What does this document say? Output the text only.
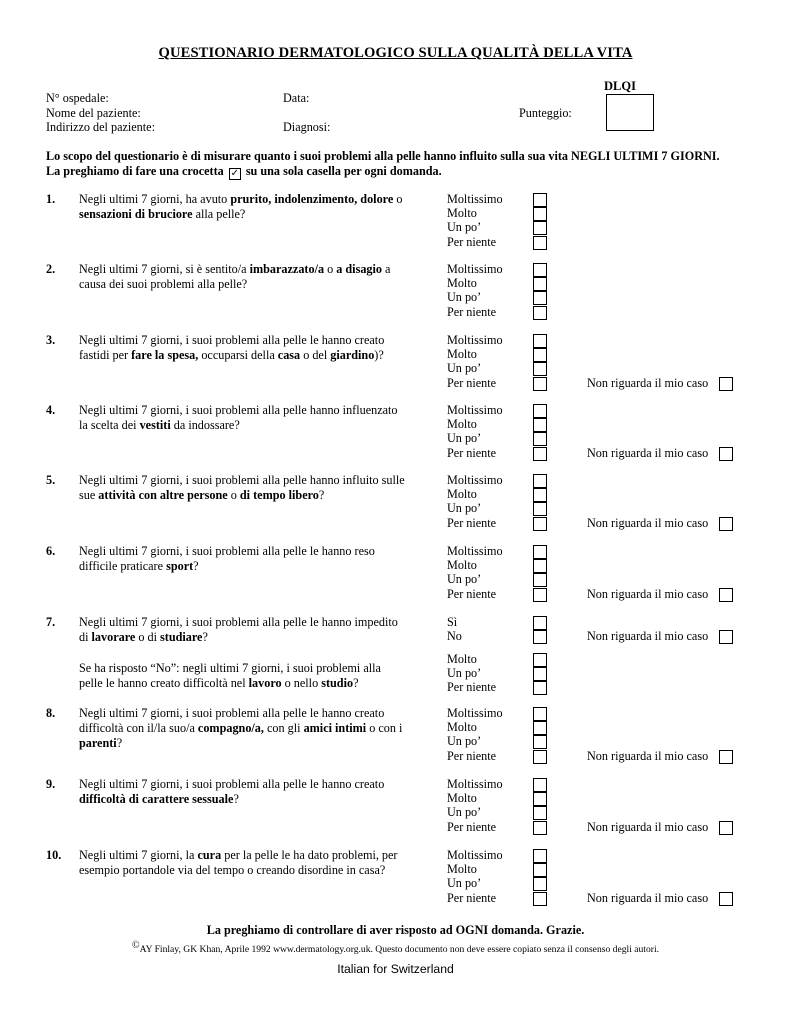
QUESTIONARIO DERMATOLOGICO SULLA QUALITÀ DELLA VITA
DLQI
N° ospedale:
Nome del paziente:
Indirizzo del paziente:
Data:
Diagnosi:
Punteggio:
Lo scopo del questionario è di misurare quanto i suoi problemi alla pelle hanno influito sulla sua vita NEGLI ULTIMI 7 GIORNI. La preghiamo di fare una crocetta ✓ su una sola casella per ogni domanda.
1. Negli ultimi 7 giorni, ha avuto prurito, indolenzimento, dolore o sensazioni di bruciore alla pelle?
Moltissimo
Molto
Un po’
Per niente
2. Negli ultimi 7 giorni, si è sentito/a imbarazzato/a o a disagio a causa dei suoi problemi alla pelle?
Moltissimo
Molto
Un po’
Per niente
3. Negli ultimi 7 giorni, i suoi problemi alla pelle le hanno creato fastidi per fare la spesa, occuparsi della casa o del giardino)?
Moltissimo
Molto
Un po’
Per niente	Non riguarda il mio caso
4. Negli ultimi 7 giorni, i suoi problemi alla pelle hanno influenzato la scelta dei vestiti da indossare?
Moltissimo
Molto
Un po’
Per niente	Non riguarda il mio caso
5. Negli ultimi 7 giorni, i suoi problemi alla pelle hanno influito sulle sue attività con altre persone o di tempo libero?
Moltissimo
Molto
Un po’
Per niente	Non riguarda il mio caso
6. Negli ultimi 7 giorni, i suoi problemi alla pelle le hanno reso difficile praticare sport?
Moltissimo
Molto
Un po’
Per niente	Non riguarda il mio caso
7. Negli ultimi 7 giorni, i suoi problemi alla pelle le hanno impedito di lavorare o di studiare?
Sì
No	Non riguarda il mio caso
Se ha risposto “No”: negli ultimi 7 giorni, i suoi problemi alla pelle le hanno creato difficoltà nel lavoro o nello studio?
Molto
Un po’
Per niente
8. Negli ultimi 7 giorni, i suoi problemi alla pelle le hanno creato difficoltà con il/la suo/a compagno/a, con gli amici intimi o con i parenti?
Moltissimo
Molto
Un po’
Per niente	Non riguarda il mio caso
9. Negli ultimi 7 giorni, i suoi problemi alla pelle le hanno creato difficoltà di carattere sessuale?
Moltissimo
Molto
Un po’
Per niente	Non riguarda il mio caso
10. Negli ultimi 7 giorni, la cura per la pelle le ha dato problemi, per esempio portandole via del tempo o creando disordine in casa?
Moltissimo
Molto
Un po’
Per niente	Non riguarda il mio caso
La preghiamo di controllare di aver risposto ad OGNI domanda. Grazie.
©AY Finlay, GK Khan, Aprile 1992 www.dermatology.org.uk. Questo documento non deve essere copiato senza il consenso degli autori.
Italian for Switzerland
